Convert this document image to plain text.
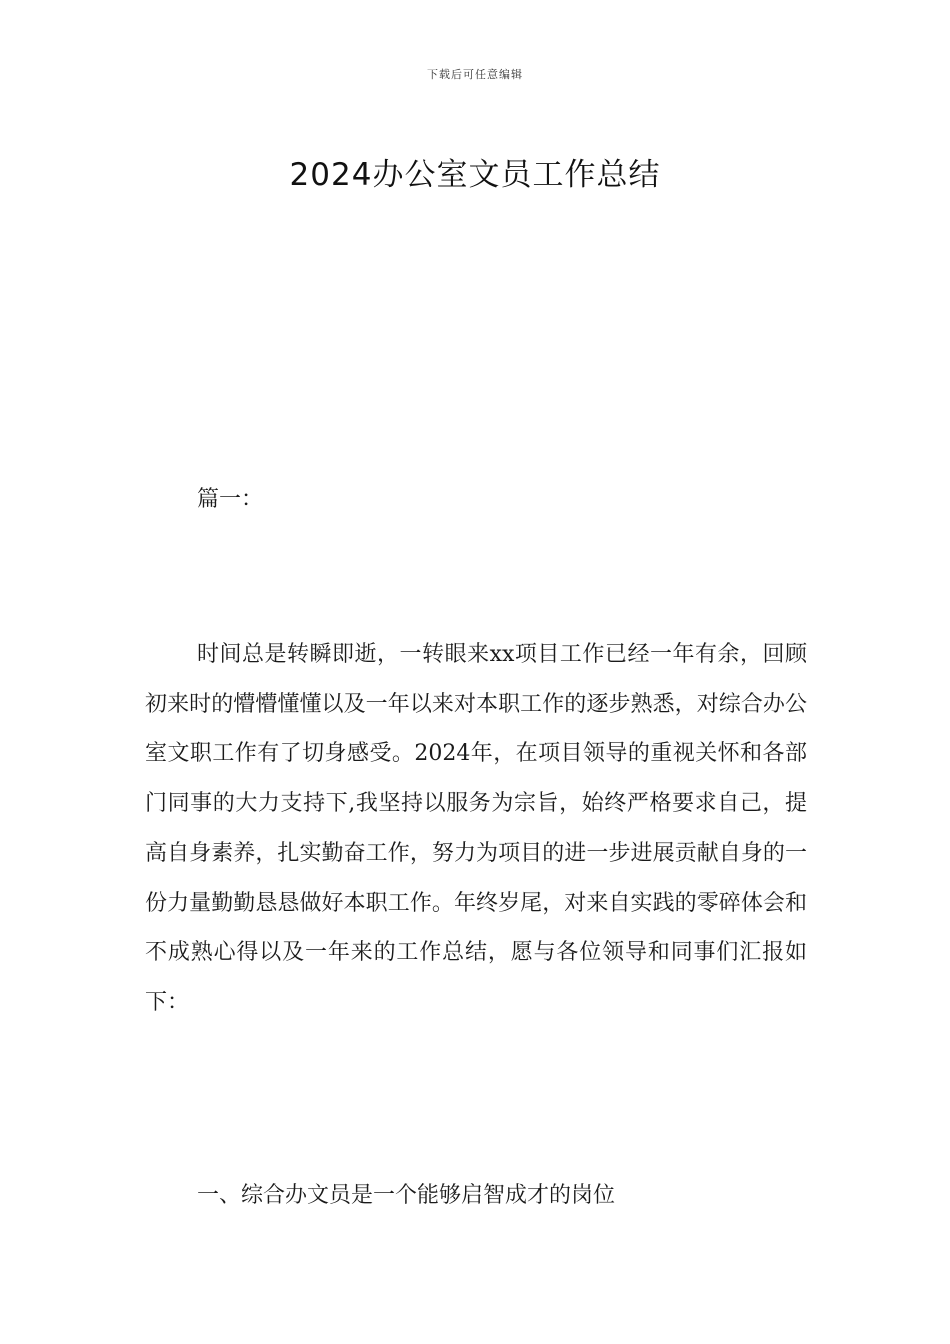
下载后可任意编辑
2024办公室文员工作总结
篇一：

时间总是转瞬即逝，一转眼来xx项目工作已经一年有余，回顾初来时的懵懵懂懂以及一年以来对本职工作的逐步熟悉，对综合办公室文职工作有了切身感受。2024年，在项目领导的重视关怀和各部门同事的大力支持下,我坚持以服务为宗旨，始终严格要求自己，提高自身素养，扎实勤奋工作，努力为项目的进一步进展贡献自身的一份力量勤勤恳恳做好本职工作。年终岁尾，对来自实践的零碎体会和不成熟心得以及一年来的工作总结，愿与各位领导和同事们汇报如下：

一、综合办文员是一个能够启智成才的岗位
